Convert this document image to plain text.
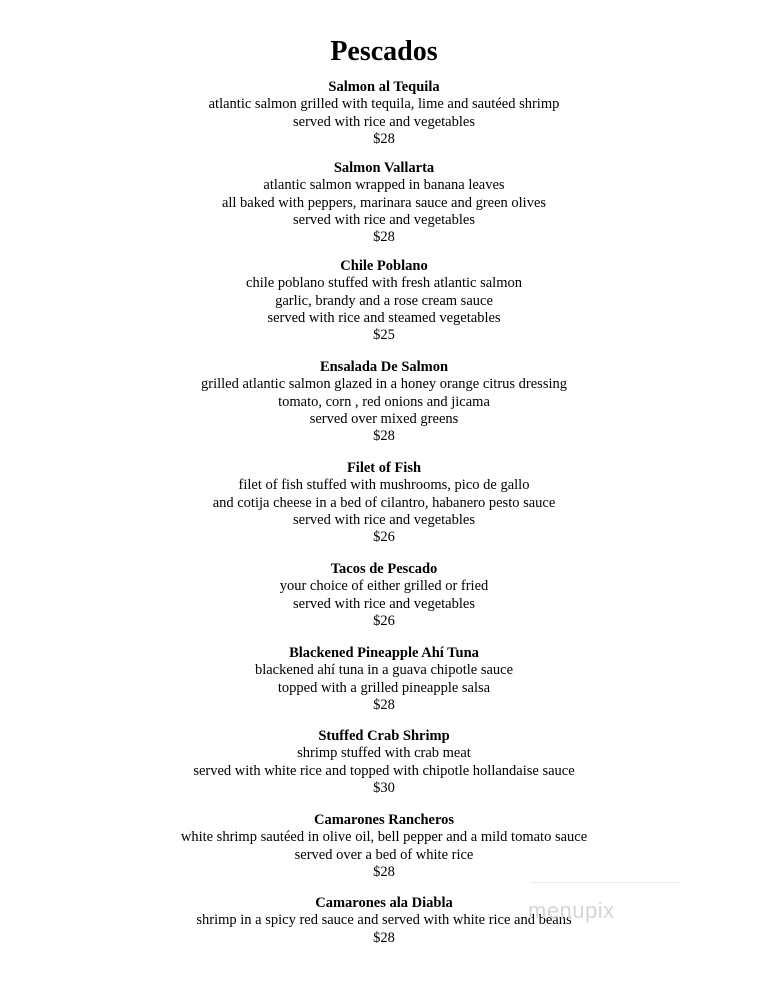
Pescados
Salmon al Tequila
atlantic salmon grilled with tequila, lime and sautéed shrimp
served with rice and vegetables
$28
Salmon Vallarta
atlantic salmon wrapped in banana leaves
all baked with peppers, marinara sauce and green olives
served with rice and vegetables
$28
Chile Poblano
chile poblano stuffed with fresh atlantic salmon
garlic, brandy and a rose cream sauce
served with rice and steamed vegetables
$25
Ensalada De Salmon
grilled atlantic salmon glazed in a honey orange citrus dressing
tomato, corn , red onions and jicama
served over mixed greens
$28
Filet of Fish
filet of fish stuffed with mushrooms, pico de gallo
and cotija cheese in a bed of cilantro, habanero pesto sauce
served with rice and vegetables
$26
Tacos de Pescado
your choice of either grilled or fried
served with rice and vegetables
$26
Blackened Pineapple Ahí Tuna
blackened ahí tuna in a guava chipotle sauce
topped with a grilled pineapple salsa
$28
Stuffed Crab Shrimp
shrimp stuffed with crab meat
served with white rice and topped with chipotle hollandaise sauce
$30
Camarones Rancheros
white shrimp sautéed in olive oil, bell pepper and a mild tomato sauce
served over a bed of white rice
$28
Camarones ala Diabla
shrimp in a spicy red sauce and served with white rice and beans
$28
menupix
